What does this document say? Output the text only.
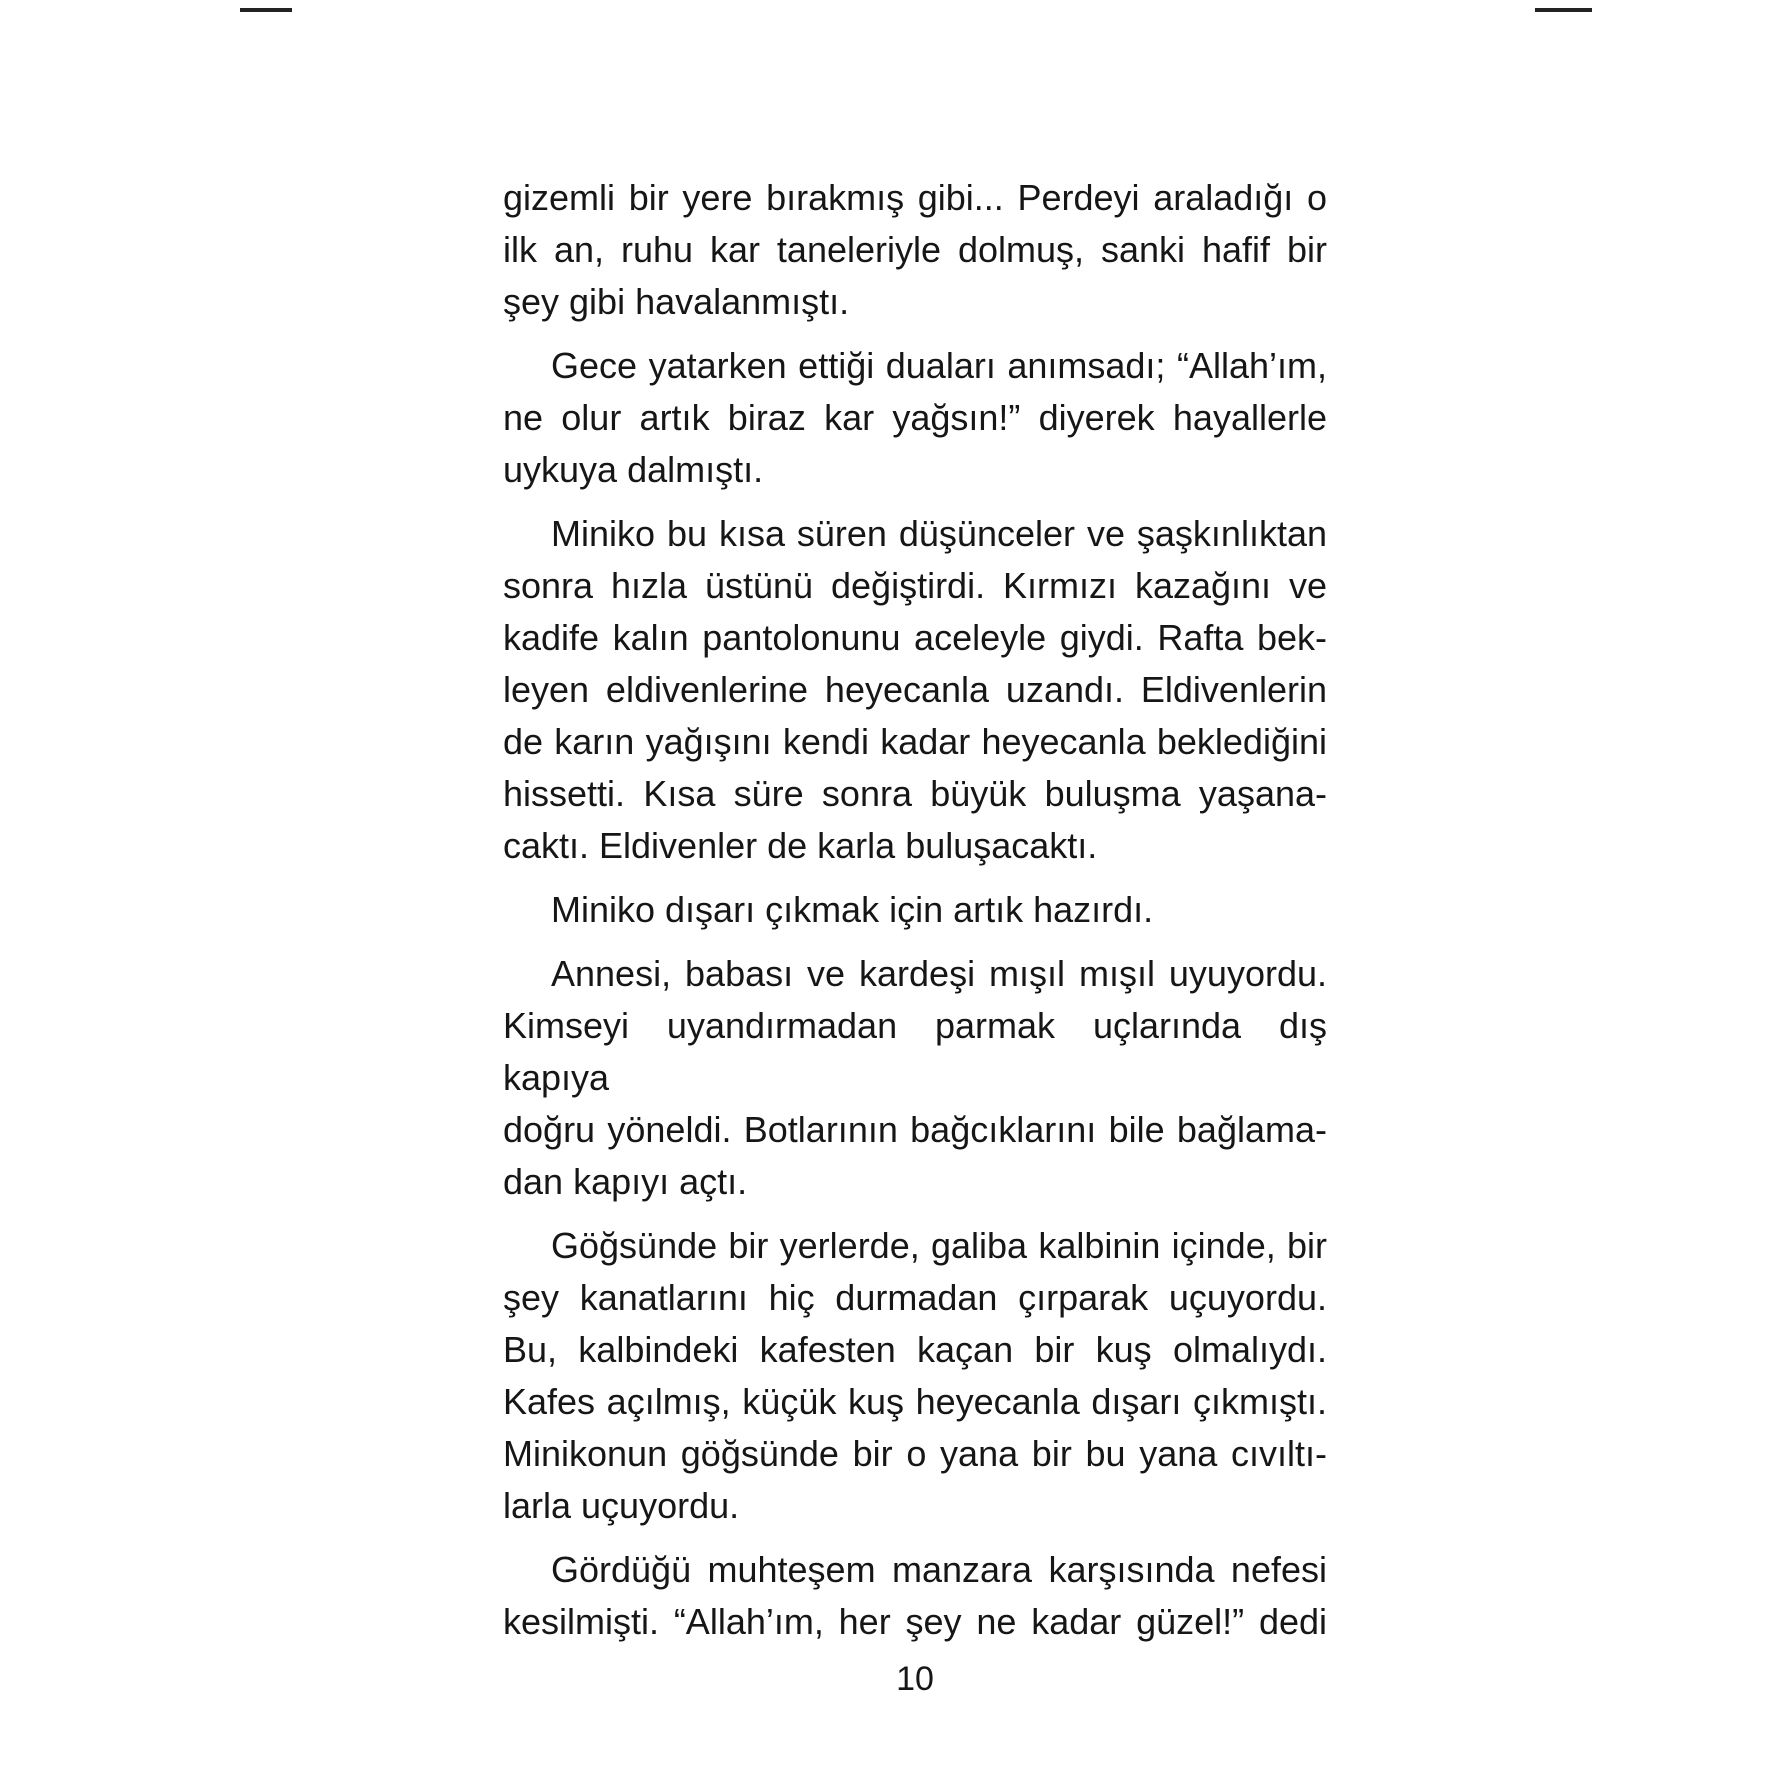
gizemli bir yere bırakmış gibi... Perdeyi araladığı o
ilk an, ruhu kar taneleriyle dolmuş, sanki hafif bir
şey gibi havalanmıştı.
Gece yatarken ettiği duaları anımsadı; “Allah’ım,
ne olur artık biraz kar yağsın!” diyerek hayallerle
uykuya dalmıştı.
Miniko bu kısa süren düşünceler ve şaşkınlıktan
sonra hızla üstünü değiştirdi. Kırmızı kazağını ve
kadife kalın pantolonunu aceleyle giydi. Rafta bek-
leyen eldivenlerine heyecanla uzandı. Eldivenlerin
de karın yağışını kendi kadar heyecanla beklediğini
hissetti. Kısa süre sonra büyük buluşma yaşana-
caktı. Eldivenler de karla buluşacaktı.
Miniko dışarı çıkmak için artık hazırdı.
Annesi, babası ve kardeşi mışıl mışıl uyuyordu.
Kimseyi uyandırmadan parmak uçlarında dış kapıya
doğru yöneldi. Botlarının bağcıklarını bile bağlama-
dan kapıyı açtı.
Göğsünde bir yerlerde, galiba kalbinin içinde, bir
şey kanatlarını hiç durmadan çırparak uçuyordu.
Bu, kalbindeki kafesten kaçan bir kuş olmalıydı.
Kafes açılmış, küçük kuş heyecanla dışarı çıkmıştı.
Minikonun göğsünde bir o yana bir bu yana cıvıltı-
larla uçuyordu.
Gördüğü muhteşem manzara karşısında nefesi
kesilmişti. “Allah’ım, her şey ne kadar güzel!” dedi
10
